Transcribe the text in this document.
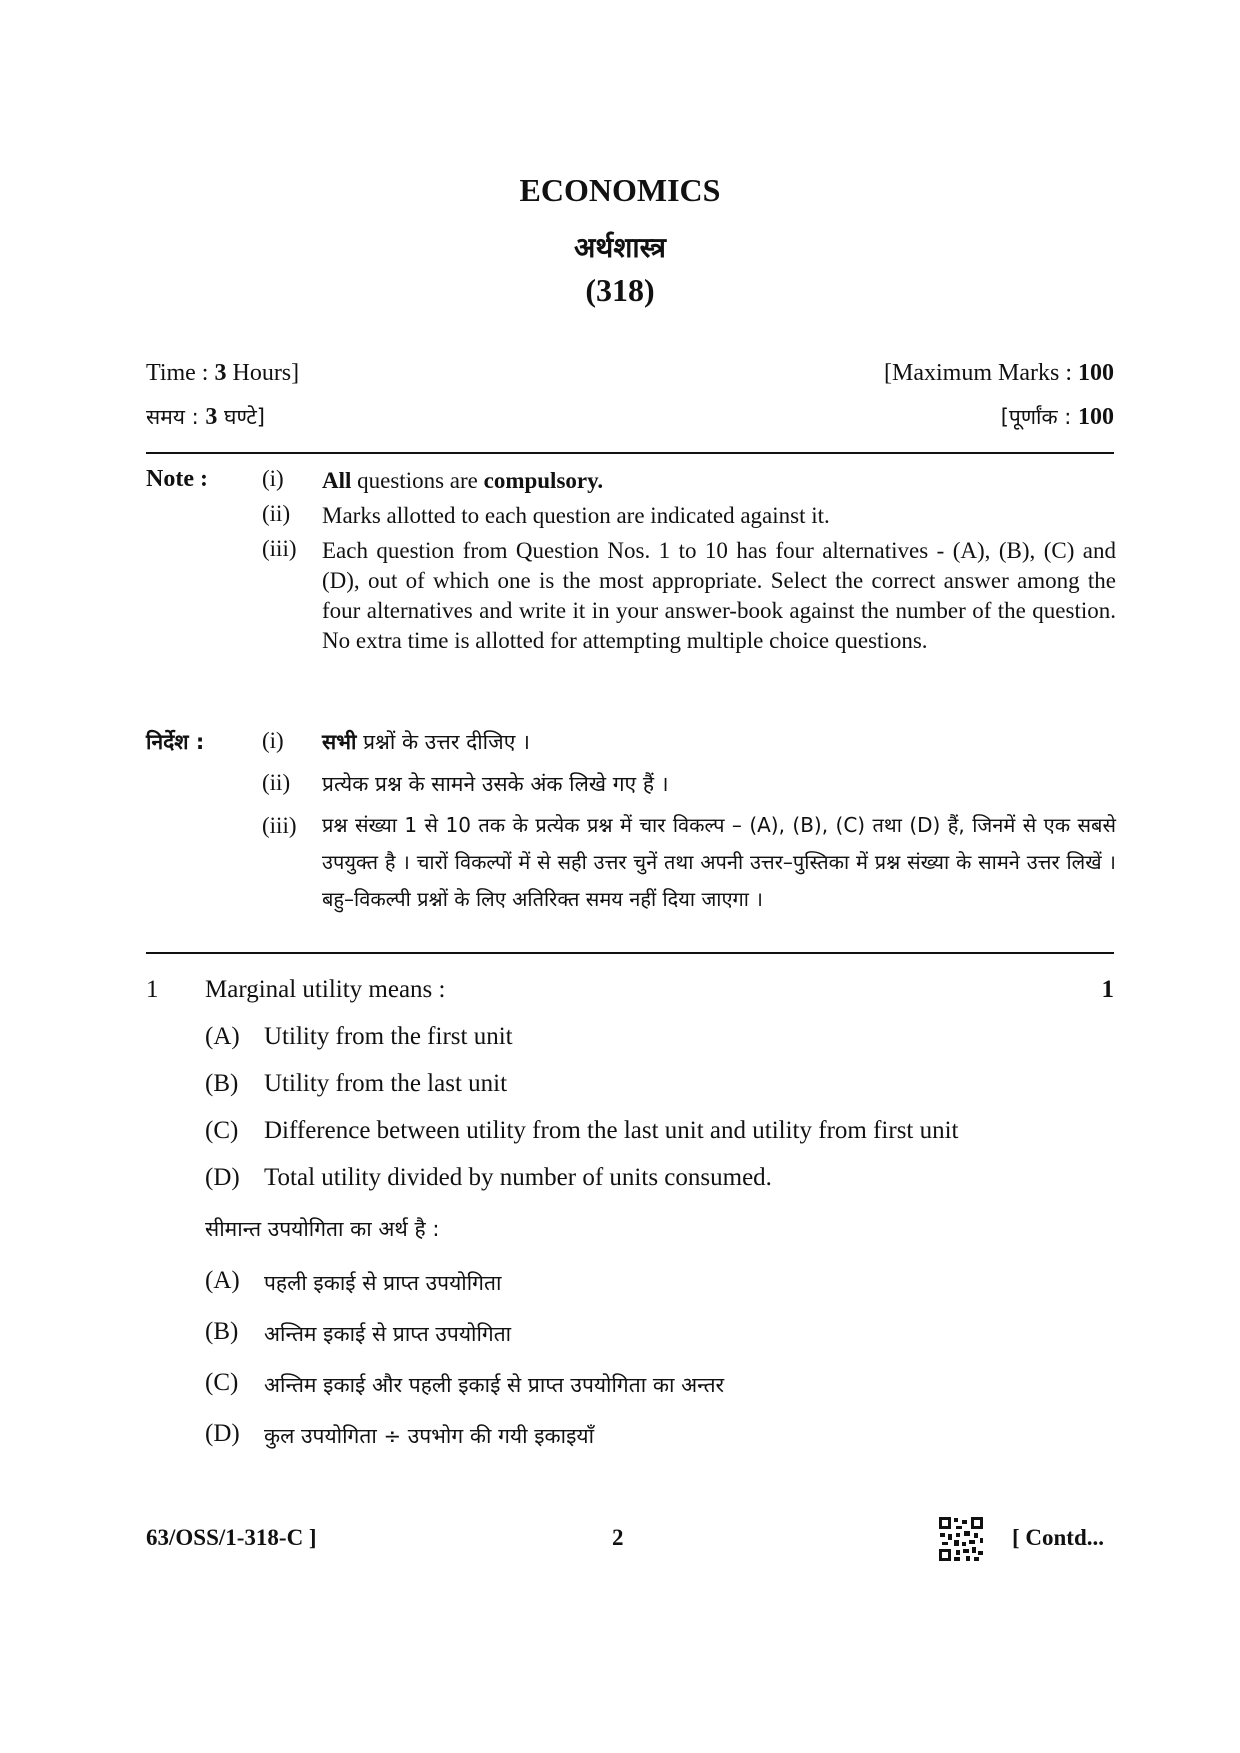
ECONOMICS
अर्थशास्त्र
(318)
Time : 3 Hours]	[Maximum Marks : 100
समय : 3 घण्टे]	[पूर्णांक : 100
Note : (i) All questions are compulsory.
(ii) Marks allotted to each question are indicated against it.
(iii) Each question from Question Nos. 1 to 10 has four alternatives - (A), (B), (C) and (D), out of which one is the most appropriate. Select the correct answer among the four alternatives and write it in your answer-book against the number of the question. No extra time is allotted for attempting multiple choice questions.
निर्देश :	(i) सभी प्रश्नों के उत्तर दीजिए ।
(ii) प्रत्येक प्रश्न के सामने उसके अंक लिखे गए हैं ।
(iii) प्रश्न संख्या 1 से 10 तक के प्रत्येक प्रश्न में चार विकल्प – (A), (B), (C) तथा (D) हैं, जिनमें से एक सबसे उपयुक्त है । चारों विकल्पों में से सही उत्तर चुनें तथा अपनी उत्तर–पुस्तिका में प्रश्न संख्या के सामने उत्तर लिखें । बहु–विकल्पी प्रश्नों के लिए अतिरिक्त समय नहीं दिया जाएगा ।
1 Marginal utility means :	1
(A) Utility from the first unit
(B) Utility from the last unit
(C) Difference between utility from the last unit and utility from first unit
(D) Total utility divided by number of units consumed.
सीमान्त उपयोगिता का अर्थ है :
(A) पहली इकाई से प्राप्त उपयोगिता
(B) अन्तिम इकाई से प्राप्त उपयोगिता
(C) अन्तिम इकाई और पहली इकाई से प्राप्त उपयोगिता का अन्तर
(D) कुल उपयोगिता ÷ उपभोग की गयी इकाइयाँ
63/OSS/1-318-C ]	2	[ Contd...
